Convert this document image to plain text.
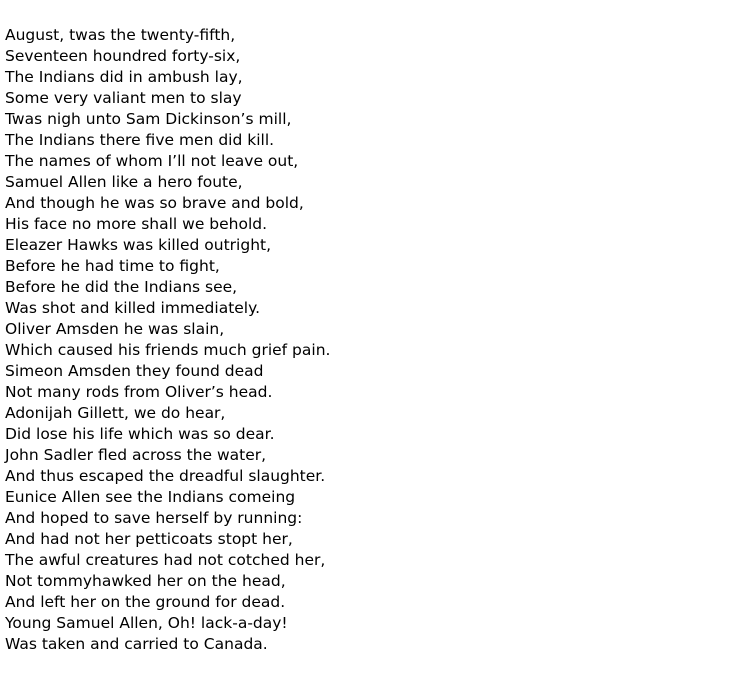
August, twas the twenty-fifth,
Seventeen houndred forty-six,
The Indians did in ambush lay,
Some very valiant men to slay
Twas nigh unto Sam Dickinson’s mill,
The Indians there five men did kill.
The names of whom I’ll not leave out,
Samuel Allen like a hero foute,
And though he was so brave and bold,
His face no more shall we behold.
Eleazer Hawks was killed outright,
Before he had time to fight,
Before he did the Indians see,
Was shot and killed immediately.
Oliver Amsden he was slain,
Which caused his friends much grief pain.
Simeon Amsden they found dead
Not many rods from Oliver’s head.
Adonijah Gillett, we do hear,
Did lose his life which was so dear.
John Sadler fled across the water,
And thus escaped the dreadful slaughter.
Eunice Allen see the Indians comeing
And hoped to save herself by running:
And had not her petticoats stopt her,
The awful creatures had not cotched her,
Not tommyhawked her on the head,
And left her on the ground for dead.
Young Samuel Allen, Oh! lack-a-day!
Was taken and carried to Canada.
